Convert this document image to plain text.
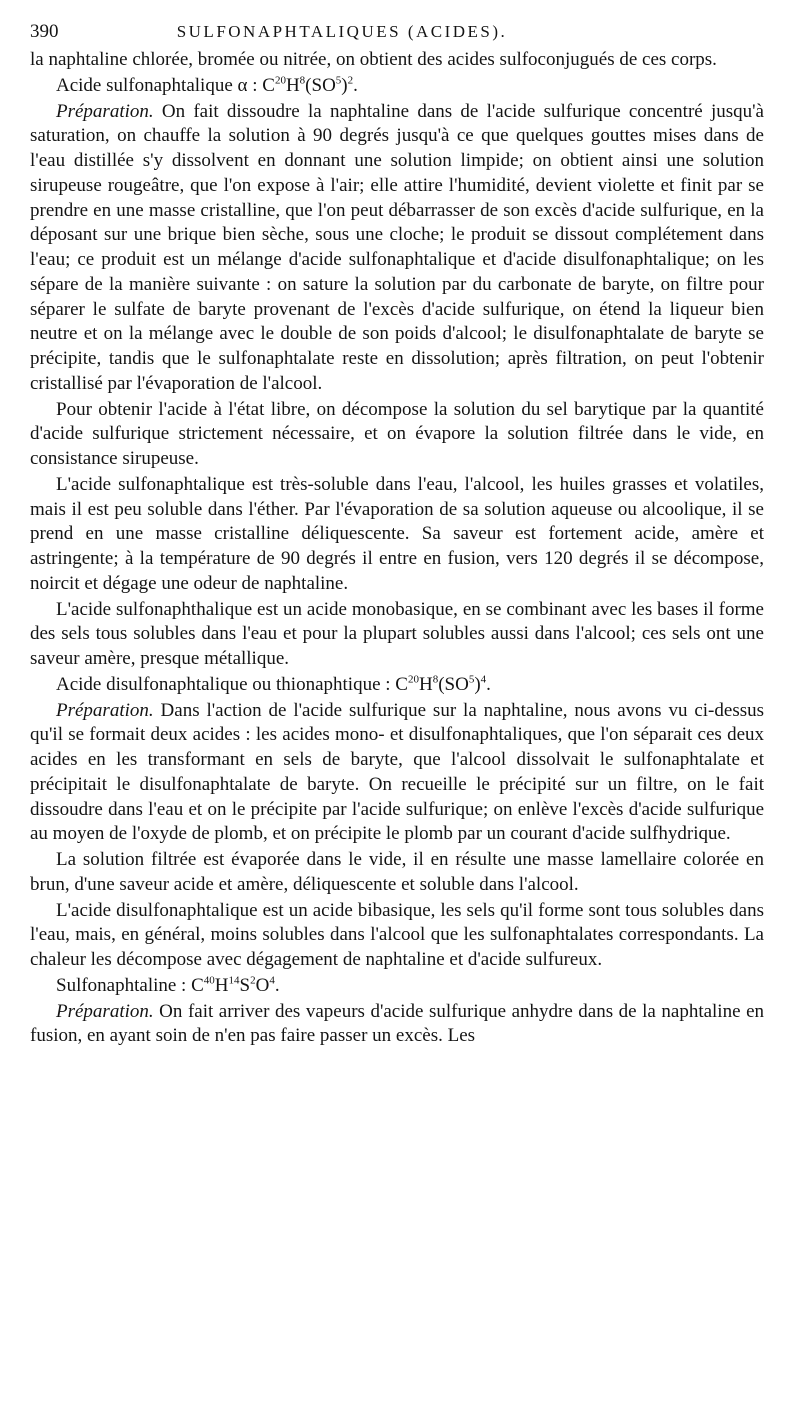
390	SULFONAPHTALIQUES (ACIDES).

la naphtaline chlorée, bromée ou nitrée, on obtient des acides sulfoconjugués de ces corps.

Acide sulfonaphtalique α : $C^{20}H^8(SO^5)^2$.

Préparation. On fait dissoudre la naphtaline dans de l'acide sulfurique concentré jusqu'à saturation, on chauffe la solution à 90 degrés jusqu'à ce que quelques gouttes mises dans de l'eau distillée s'y dissolvent en donnant une solution limpide; on obtient ainsi une solution sirupeuse rougeâtre, que l'on expose à l'air; elle attire l'humidité, devient violette et finit par se prendre en une masse cristalline, que l'on peut débarrasser de son excès d'acide sulfurique, en la déposant sur une brique bien sèche, sous une cloche; le produit se dissout complétement dans l'eau; ce produit est un mélange d'acide sulfonaphtalique et d'acide disulfonaphtalique; on les sépare de la manière suivante : on sature la solution par du carbonate de baryte, on filtre pour séparer le sulfate de baryte provenant de l'excès d'acide sulfurique, on étend la liqueur bien neutre et on la mélange avec le double de son poids d'alcool; le disulfonaphtalate de baryte se précipite, tandis que le sulfonaphtalate reste en dissolution; après filtration, on peut l'obtenir cristallisé par l'évaporation de l'alcool.

Pour obtenir l'acide à l'état libre, on décompose la solution du sel barytique par la quantité d'acide sulfurique strictement nécessaire, et on évapore la solution filtrée dans le vide, en consistance sirupeuse.

L'acide sulfonaphtalique est très-soluble dans l'eau, l'alcool, les huiles grasses et volatiles, mais il est peu soluble dans l'éther. Par l'évaporation de sa solution aqueuse ou alcoolique, il se prend en une masse cristalline déliquescente. Sa saveur est fortement acide, amère et astringente; à la température de 90 degrés il entre en fusion, vers 120 degrés il se décompose, noircit et dégage une odeur de naphtaline.

L'acide sulfonaphthalique est un acide monobasique, en se combinant avec les bases il forme des sels tous solubles dans l'eau et pour la plupart solubles aussi dans l'alcool; ces sels ont une saveur amère, presque métallique.

Acide disulfonaphtalique ou thionaphtique : $C^{20}H^8(SO^5)^4$.

Préparation. Dans l'action de l'acide sulfurique sur la naphtaline, nous avons vu ci-dessus qu'il se formait deux acides : les acides mono- et disulfonaphtaliques, que l'on séparait ces deux acides en les transformant en sels de baryte, que l'alcool dissolvait le sulfonaphtalate et précipitait le disulfonaphtalate de baryte. On recueille le précipité sur un filtre, on le fait dissoudre dans l'eau et on le précipite par l'acide sulfurique; on enlève l'excès d'acide sulfurique au moyen de l'oxyde de plomb, et on précipite le plomb par un courant d'acide sulfhydrique.

La solution filtrée est évaporée dans le vide, il en résulte une masse lamellaire colorée en brun, d'une saveur acide et amère, déliquescente et soluble dans l'alcool.

L'acide disulfonaphtalique est un acide bibasique, les sels qu'il forme sont tous solubles dans l'eau, mais, en général, moins solubles dans l'alcool que les sulfonaphtalates correspondants. La chaleur les décompose avec dégagement de naphtaline et d'acide sulfureux.

Sulfonaphtaline : $C^{40}H^{14}S^2O^4$.

Préparation. On fait arriver des vapeurs d'acide sulfurique anhydre dans de la naphtaline en fusion, en ayant soin de n'en pas faire passer un excès. Les
